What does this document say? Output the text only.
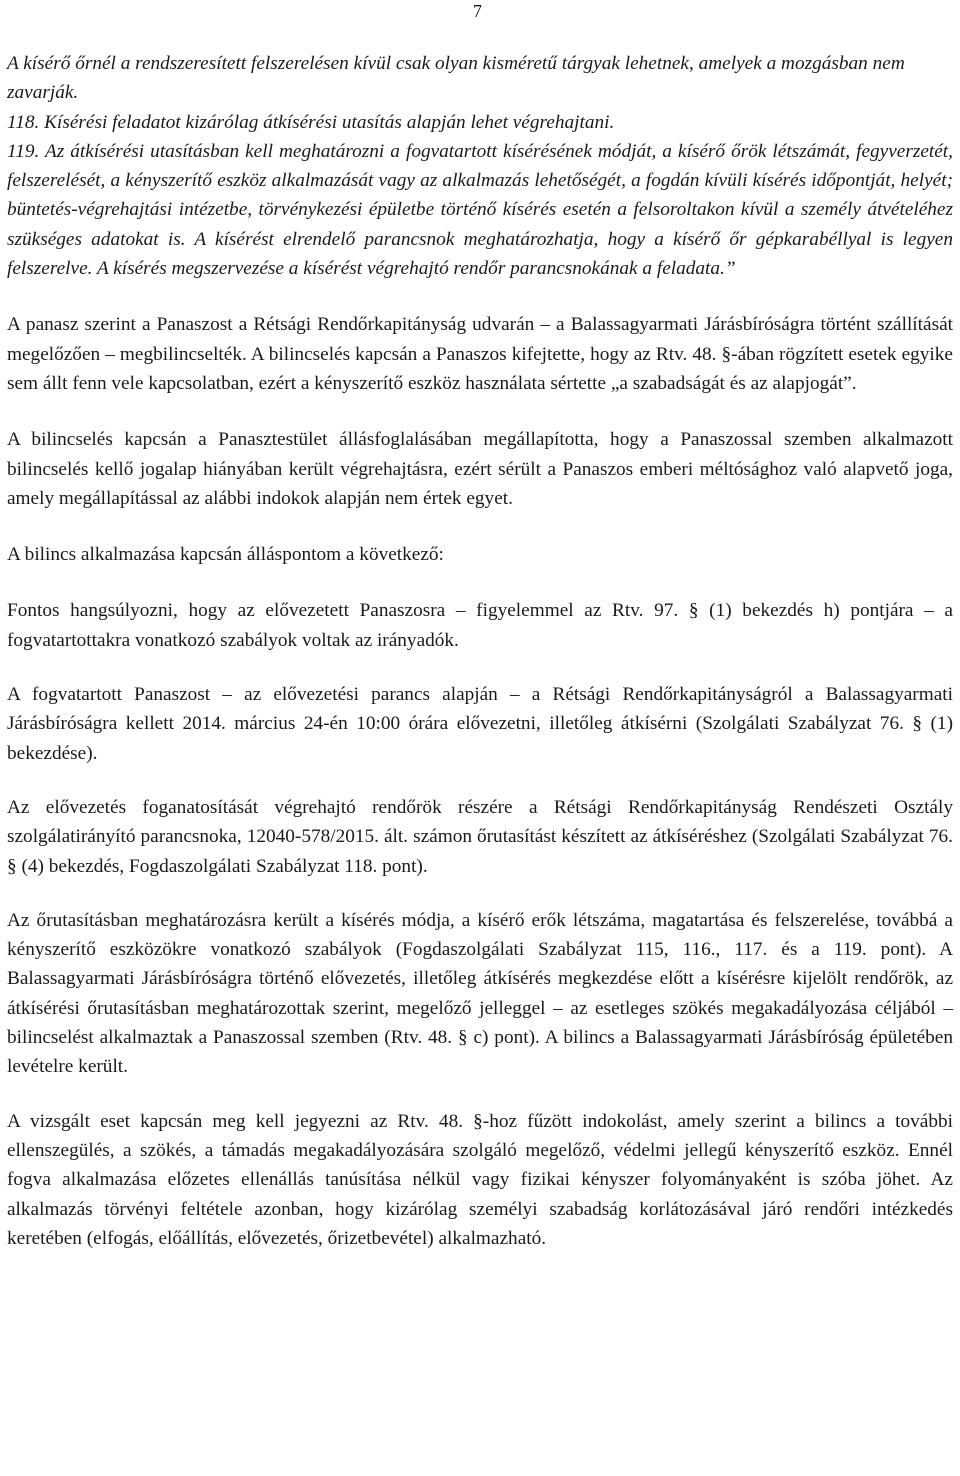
7

A kísérő őrnél a rendszeresített felszerelésen kívül csak olyan kisméretű tárgyak lehetnek, amelyek a mozgásban nem zavarják.

118. Kísérési feladatot kizárólag átkísérési utasítás alapján lehet végrehajtani.

119. Az átkísérési utasításban kell meghatározni a fogvatartott kísérésének módját, a kísérő őrök létszámát, fegyverzetét, felszerelését, a kényszerítő eszköz alkalmazását vagy az alkalmazás lehetőségét, a fogdán kívüli kísérés időpontját, helyét; büntetés-végrehajtási intézetbe, törvénykezési épületbe történő kísérés esetén a felsoroltakon kívül a személy átvételéhez szükséges adatokat is. A kísérést elrendelő parancsnok meghatározhatja, hogy a kísérő őr gépkarabéllyal is legyen felszerelve. A kísérés megszervezése a kísérést végrehajtó rendőr parancsnokának a feladata.”

A panasz szerint a Panaszost a Rétsági Rendőrkapitányság udvarán – a Balassagyarmati Járásbíróságra történt szállítását megelőzően – megbilincselték. A bilincselés kapcsán a Panaszos kifejtette, hogy az Rtv. 48. §-ában rögzített esetek egyike sem állt fenn vele kapcsolatban, ezért a kényszerítő eszköz használata sértette „a szabadságát és az alapjogát”.

A bilincselés kapcsán a Panasztestület állásfoglalásában megállapította, hogy a Panaszossal szemben alkalmazott bilincselés kellő jogalap hiányában került végrehajtásra, ezért sérült a Panaszos emberi méltósághoz való alapvető joga, amely megállapítással az alábbi indokok alapján nem értek egyet.

A bilincs alkalmazása kapcsán álláspontom a következő:

Fontos hangsúlyozni, hogy az elővezetett Panaszosra – figyelemmel az Rtv. 97. § (1) bekezdés h) pontjára – a fogvatartottakra vonatkozó szabályok voltak az irányadók.

A fogvatartott Panaszost – az elővezetési parancs alapján – a Rétsági Rendőrkapitányságról a Balassagyarmati Járásbíróságra kellett 2014. március 24-én 10:00 órára elővezetni, illetőleg átkísérni (Szolgálati Szabályzat 76. § (1) bekezdése).

Az elővezetés foganatosítását végrehajtó rendőrök részére a Rétsági Rendőrkapitányság Rendészeti Osztály szolgálatirányító parancsnoka, 12040-578/2015. ált. számon őrutasítást készített az átkíséréshez (Szolgálati Szabályzat 76. § (4) bekezdés, Fogdaszolgálati Szabályzat 118. pont).

Az őrutasításban meghatározásra került a kísérés módja, a kísérő erők létszáma, magatartása és felszerelése, továbbá a kényszerítő eszközökre vonatkozó szabályok (Fogdaszolgálati Szabályzat 115, 116., 117. és a 119. pont). A Balassagyarmati Járásbíróságra történő elővezetés, illetőleg átkísérés megkezdése előtt a kísérésre kijelölt rendőrök, az átkísérési őrutasításban meghatározottak szerint, megelőző jelleggel – az esetleges szökés megakadályozása céljából – bilincselést alkalmaztak a Panaszossal szemben (Rtv. 48. § c) pont). A bilincs a Balassagyarmati Járásbíróság épületében levételre került.

A vizsgált eset kapcsán meg kell jegyezni az Rtv. 48. §-hoz fűzött indokolást, amely szerint a bilincs a további ellenszegülés, a szökés, a támadás megakadályozására szolgáló megelőző, védelmi jellegű kényszerítő eszköz. Ennél fogva alkalmazása előzetes ellenállás tanúsítása nélkül vagy fizikai kényszer folyományaként is szóba jöhet. Az alkalmazás törvényi feltétele azonban, hogy kizárólag személyi szabadság korlátozásával járó rendőri intézkedés keretében (elfogás, előállítás, elővezetés, őrizetbevétel) alkalmazható.
